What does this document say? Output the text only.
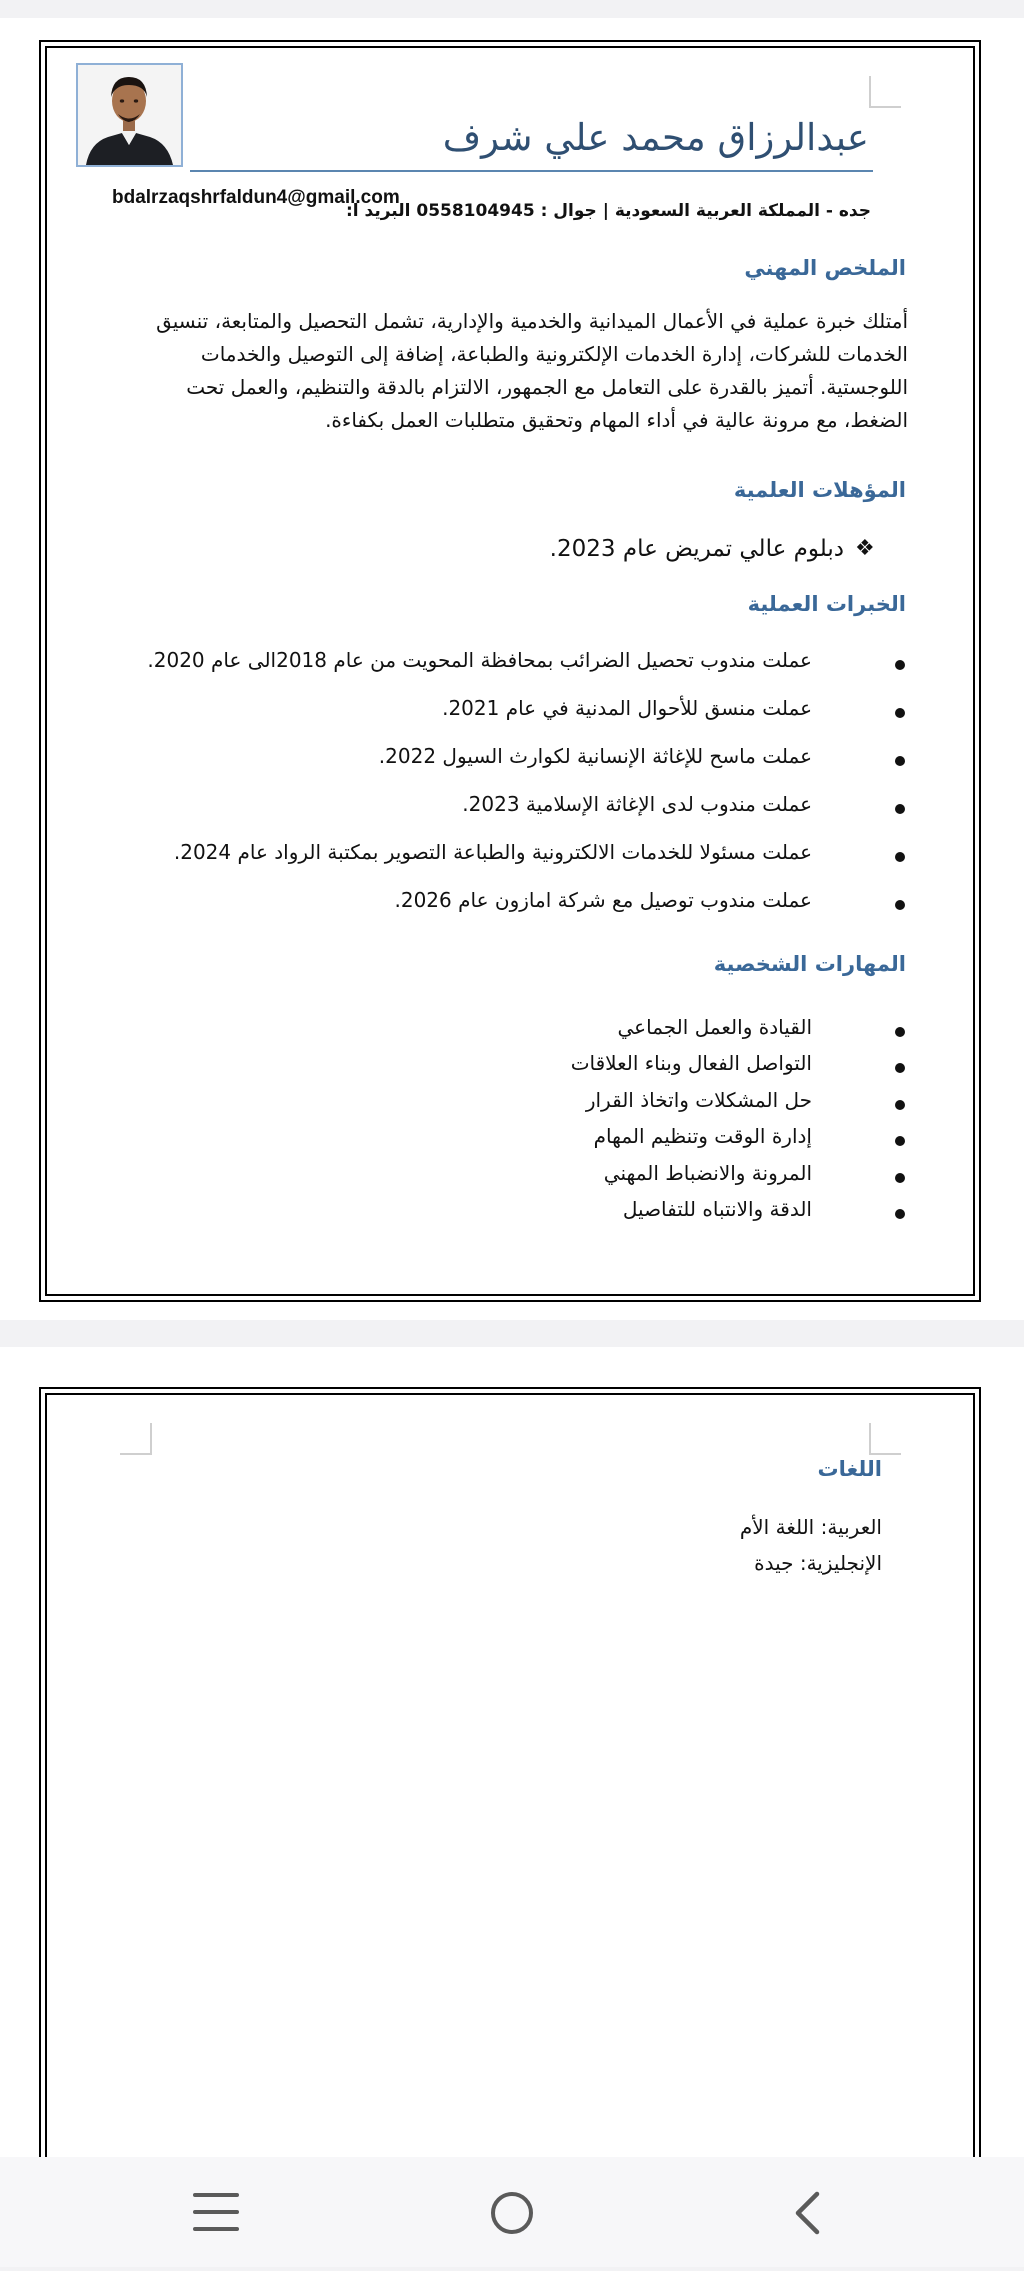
عبدالرزاق محمد علي شرف
جده - المملكة العربية السعودية | جوال : 0558104945 البريد ا:
bdalrzaqshrfaldun4@gmail.com
الملخص المهني
أمتلك خبرة عملية في الأعمال الميدانية والخدمية والإدارية، تشمل التحصيل والمتابعة، تنسيق
الخدمات للشركات، إدارة الخدمات الإلكترونية والطباعة، إضافة إلى التوصيل والخدمات
اللوجستية. أتميز بالقدرة على التعامل مع الجمهور، الالتزام بالدقة والتنظيم، والعمل تحت
الضغط، مع مرونة عالية في أداء المهام وتحقيق متطلبات العمل بكفاءة.
المؤهلات العلمية
❖
دبلوم عالي تمريض عام 2023.
الخبرات العملية
عملت مندوب تحصيل الضرائب بمحافظة المحويت من عام 2018الى عام 2020.
عملت منسق للأحوال المدنية في عام 2021.
عملت ماسح للإغاثة الإنسانية لكوارث السيول 2022.
عملت مندوب لدى الإغاثة الإسلامية 2023.
عملت مسئولا للخدمات الالكترونية والطباعة التصوير بمكتبة الرواد عام 2024.
عملت مندوب توصيل مع شركة امازون عام 2026.
المهارات الشخصية
القيادة والعمل الجماعي
التواصل الفعال وبناء العلاقات
حل المشكلات واتخاذ القرار
إدارة الوقت وتنظيم المهام
المرونة والانضباط المهني
الدقة والانتباه للتفاصيل
اللغات
العربية: اللغة الأم
الإنجليزية: جيدة
